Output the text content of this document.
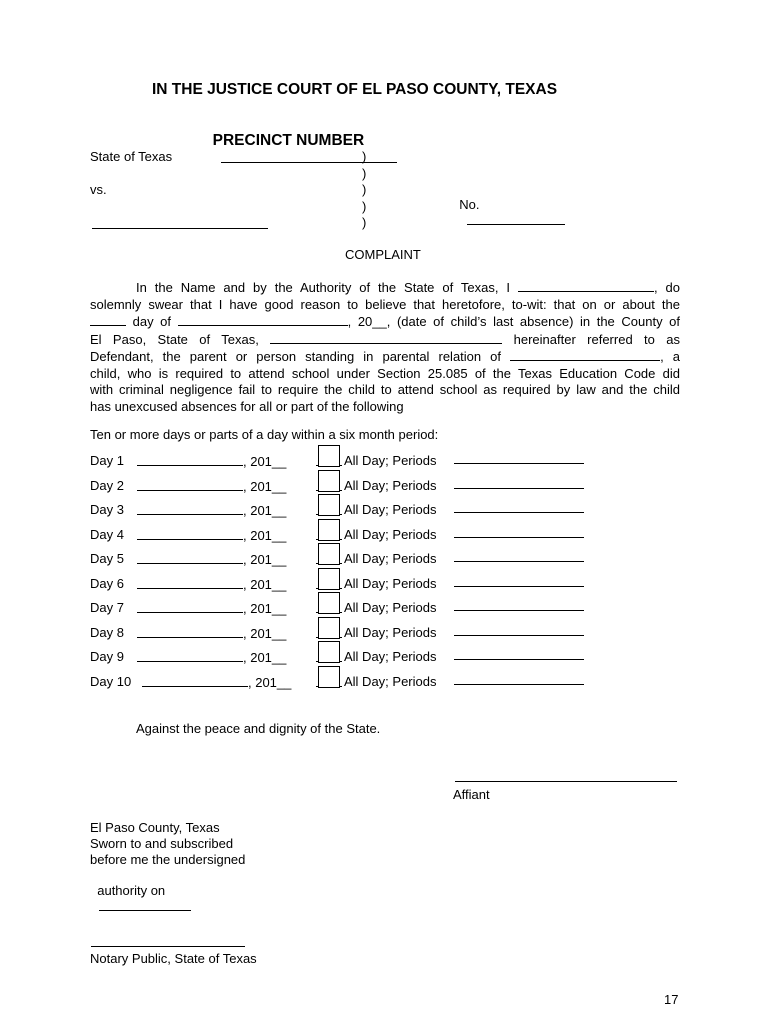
IN THE JUSTICE COURT OF EL PASO COUNTY, TEXAS

PRECINCT NUMBER

State of Texas
vs.
)
)
)
)
)

No.

COMPLAINT
In the Name and by the Authority of the State of Texas, I	, do
solemnly swear that I have good reason to believe that heretofore, to-wit: that on or about the
day of	, 20__, (date of child’s last absence) in the County of
El Paso, State of Texas,	hereinafter referred to as
Defendant, the parent or person standing in parental relation of	, a
child, who is required to attend school under Section 25.085 of the Texas Education Code did
with criminal negligence fail to require the child to attend school as required by law and the child
has unexcused absences for all or part of the following
Ten or more days or parts of a day within a six month period:
Day 1	, 201__	All Day; Periods
Day 2	, 201__	All Day; Periods
Day 3	, 201__	All Day; Periods
Day 4	, 201__	All Day; Periods
Day 5	, 201__	All Day; Periods
Day 6	, 201__	All Day; Periods
Day 7	, 201__	All Day; Periods
Day 8	, 201__	All Day; Periods
Day 9	, 201__	All Day; Periods
Day 10	, 201__	All Day; Periods
Against the peace and dignity of the State.
Affiant
El Paso County, Texas
Sworn to and subscribed
before me the undersigned

authority on

Notary Public, State of Texas
17
